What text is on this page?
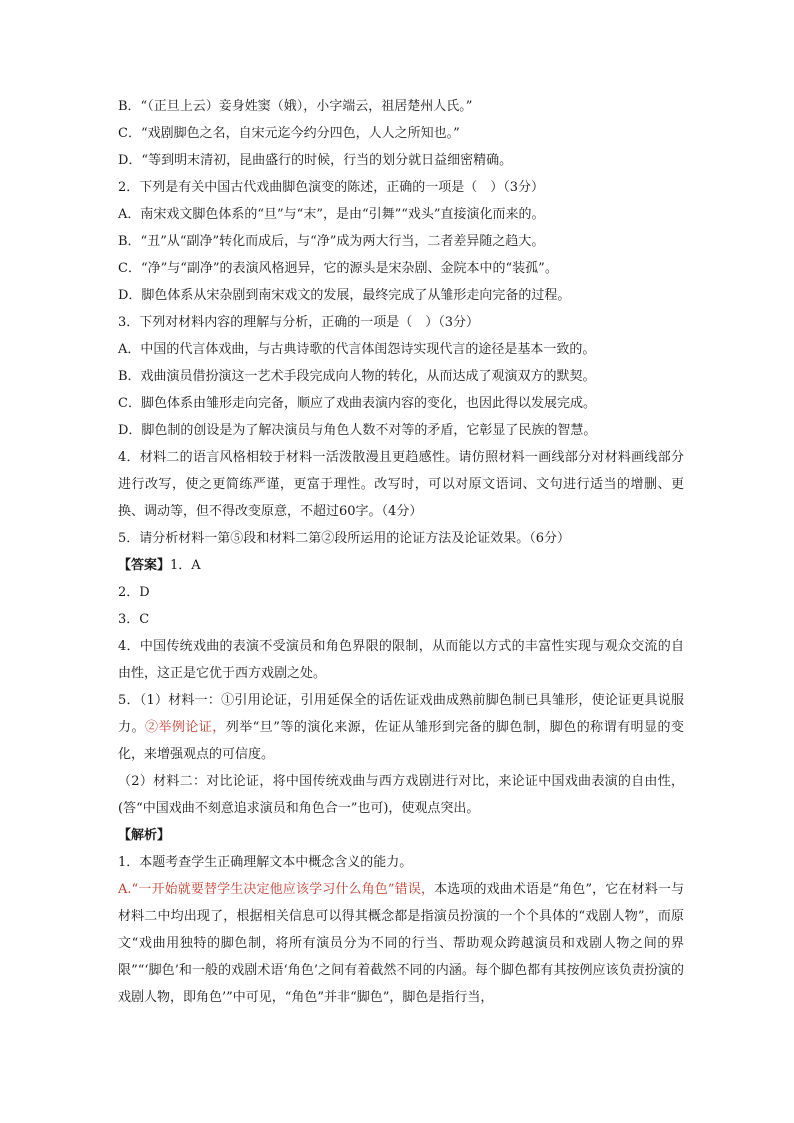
B．“（正旦上云）妾身姓窦（娥），小字端云，祖居楚州人氏。”

C．“戏剧脚色之名，自宋元迄今约分四色，人人之所知也。”

D．“等到明末清初，昆曲盛行的时候，行当的划分就日益细密精确。

2．下列是有关中国古代戏曲脚色演变的陈述，正确的一项是（　）（3分）

A．南宋戏文脚色体系的“旦”与“末”，是由“引舞”“戏头”直接演化而来的。

B．“丑”从“副净”转化而成后，与“净”成为两大行当，二者差异随之趋大。

C．“净”与“副净”的表演风格迥异，它的源头是宋杂剧、金院本中的“装孤”。

D．脚色体系从宋杂剧到南宋戏文的发展，最终完成了从雏形走向完备的过程。

3．下列对材料内容的理解与分析，正确的一项是（　）（3分）

A．中国的代言体戏曲，与古典诗歌的代言体闺怨诗实现代言的途径是基本一致的。

B．戏曲演员借扮演这一艺术手段完成向人物的转化，从而达成了观演双方的默契。

C．脚色体系由雏形走向完备，顺应了戏曲表演内容的变化，也因此得以发展完成。

D．脚色制的创设是为了解决演员与角色人数不对等的矛盾，它彰显了民族的智慧。

4．材料二的语言风格相较于材料一活泼散漫且更趋感性。请仿照材料一画线部分对材料画线部分进行改写，使之更简练严谨，更富于理性。改写时，可以对原文语词、文句进行适当的增删、更换、调动等，但不得改变原意，不超过60字。（4分）

5．请分析材料一第⑤段和材料二第②段所运用的论证方法及论证效果。（6分）

【答案】1．A

2．D

3．C

4．中国传统戏曲的表演不受演员和角色界限的限制，从而能以方式的丰富性实现与观众交流的自由性，这正是它优于西方戏剧之处。

5．（1）材料一：①引用论证，引用延保全的话佐证戏曲成熟前脚色制已具雏形，使论证更具说服力。②举例论证，列举“旦”等的演化来源，佐证从雏形到完备的脚色制，脚色的称谓有明显的变化，来增强观点的可信度。

（2）材料二：对比论证，将中国传统戏曲与西方戏剧进行对比，来论证中国戏曲表演的自由性，(答“中国戏曲不刻意追求演员和角色合一”也可)，使观点突出。

【解析】

1．本题考查学生正确理解文本中概念含义的能力。

A.“一开始就要替学生决定他应该学习什么角色”错误，本选项的戏曲术语是“角色”，它在材料一与材料二中均出现了，根据相关信息可以得其概念都是指演员扮演的一个个具体的“戏剧人物”，而原文“戏曲用独特的脚色制，将所有演员分为不同的行当、帮助观众跨越演员和戏剧人物之间的界限”“‘脚色’和一般的戏剧术语‘角色’之间有着截然不同的内涵。每个脚色都有其按例应该负责扮演的戏剧人物，即角色’”中可见，“角色”并非“脚色”，脚色是指行当，
